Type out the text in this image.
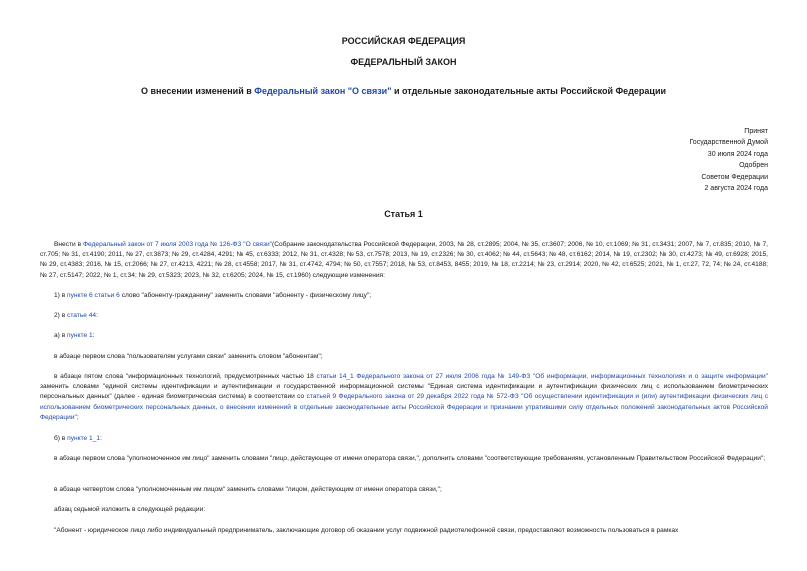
РОССИЙСКАЯ ФЕДЕРАЦИЯ
ФЕДЕРАЛЬНЫЙ ЗАКОН
О внесении изменений в Федеральный закон "О связи" и отдельные законодательные акты Российской Федерации
Принят
Государственной Думой
30 июля 2024 года
Одобрен
Советом Федерации
2 августа 2024 года
Статья 1

Внести в Федеральный закон от 7 июля 2003 года № 126-ФЗ "О связи"(Собрание законодательства Российской Федерации, 2003, № 28, ст.2895; 2004, № 35, ст.3607; 2006, № 10, ст.1069; № 31, ст.3431; 2007, № 7, ст.835; 2010, № 7, ст.705; № 31, ст.4190; 2011, № 27, ст.3873; № 29, ст.4284, 4291; № 45, ст.6333; 2012, № 31, ст.4328; № 53, ст.7578; 2013, № 19, ст.2326; № 30, ст.4062; № 44, ст.5643; № 48, ст.6162; 2014, № 19, ст.2302; № 30, ст.4273; № 49, ст.6928; 2015, № 29, ст.4383; 2016, № 15, ст.2066; № 27, ст.4213, 4221; № 28, ст.4558; 2017, № 31, ст.4742, 4794; № 50, ст.7557; 2018, № 53, ст.8453, 8455; 2019, № 18, ст.2214; № 23, ст.2914; 2020, № 42, ст.6525; 2021, № 1, ст.27, 72, 74; № 24, ст.4188; № 27, ст.5147; 2022, № 1, ст.34; № 29, ст.5323; 2023, № 32, ст.6205; 2024, № 15, ст.1960) следующие изменения:

1) в пункте 6 статьи 6 слово "абоненту-гражданину" заменить словами "абоненту - физическому лицу";

2) в статье 44:

а) в пункте 1:

в абзаце первом слова "пользователям услугами связи" заменить словом "абонентам";

в абзаце пятом слова "информационных технологий, предусмотренных частью 18 статьи 14_1 Федерального закона от 27 июля 2006 года № 149-ФЗ "Об информации, информационных технологиях и о защите информации" заменить словами "единой системы идентификации и аутентификации и государственной информационной системы "Единая система идентификации и аутентификации физических лиц с использованием биометрических персональных данных" (далее - единая биометрическая система) в соответствии со статьей 9 Федерального закона от 29 декабря 2022 года № 572-ФЗ "Об осуществлении идентификации и (или) аутентификации физических лиц с использованием биометрических персональных данных, о внесении изменений в отдельные законодательные акты Российской Федерации и признании утратившими силу отдельных положений законодательных актов Российской Федерации";

б) в пункте 1_1:

в абзаце первом слова "уполномоченное им лицо" заменить словами "лицо, действующее от имени оператора связи,", дополнить словами "соответствующие требованиям, установленным Правительством Российской Федерации";

в абзаце четвертом слова "уполномоченным им лицом" заменить словами "лицом, действующим от имени оператора связи,";

абзац седьмой изложить в следующей редакции:

"Абонент - юридическое лицо либо индивидуальный предприниматель, заключающие договор об оказании услуг подвижной радиотелефонной связи, предоставляют возможность пользоваться в рамках
